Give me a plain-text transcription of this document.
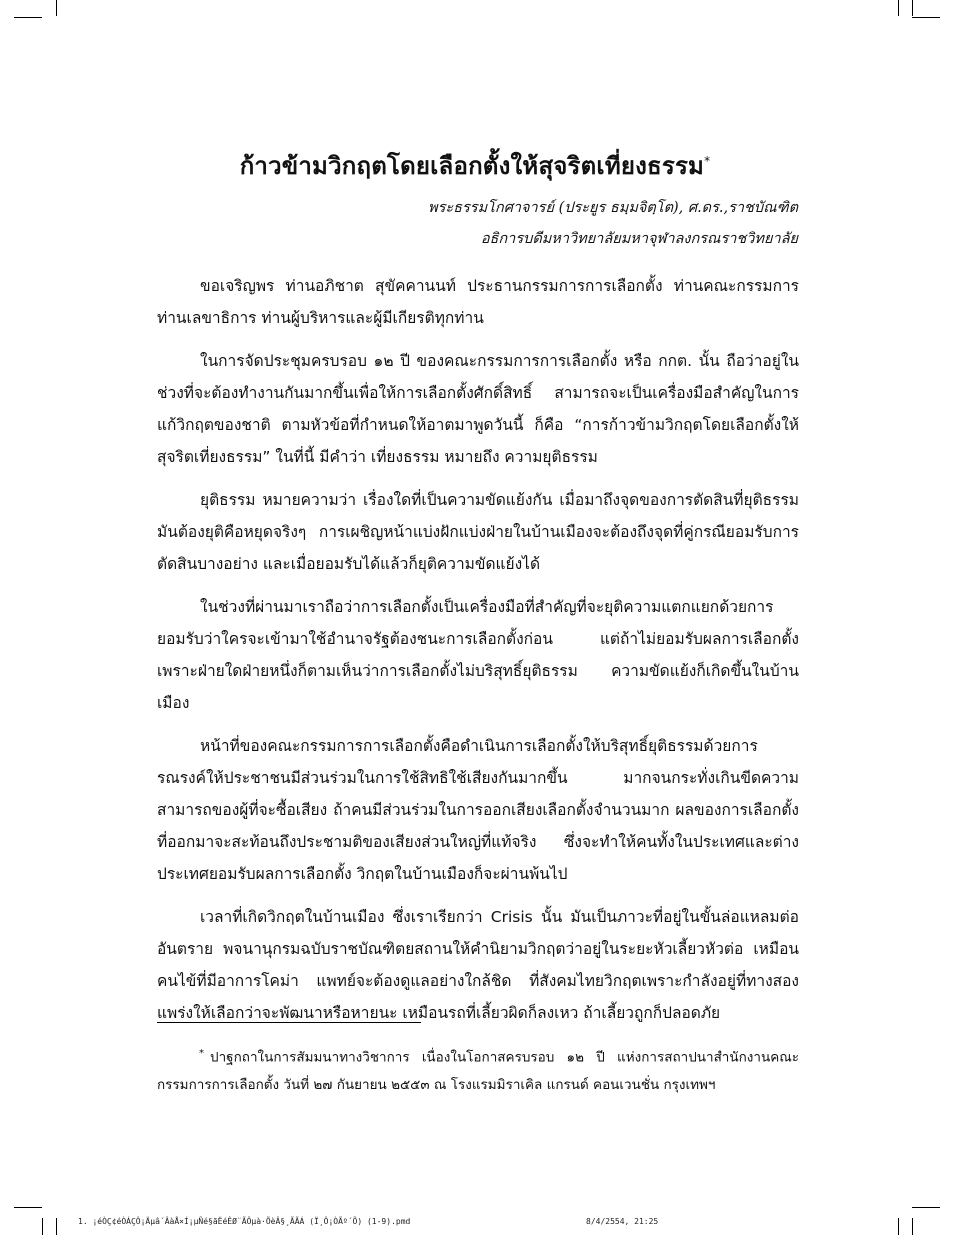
ก้าวข้ามวิกฤตโดยเลือกตั้งให้สุจริตเที่ยงธรรม*
พระธรรมโกศาจารย์ (ประยูร ธมฺมจิตฺโต), ศ.ดร.,ราชบัณฑิต
อธิการบดีมหาวิทยาลัยมหาจุฬาลงกรณราชวิทยาลัย

ขอเจริญพร ท่านอภิชาต สุขัคคานนท์ ประธานกรรมการการเลือกตั้ง ท่านคณะกรรมการ ท่านเลขาธิการ ท่านผู้บริหารและผู้มีเกียรติทุกท่าน

ในการจัดประชุมครบรอบ ๑๒ ปี ของคณะกรรมการการเลือกตั้ง หรือ กกต. นั้น ถือว่าอยู่ในช่วงที่จะต้องทำงานกันมากขึ้นเพื่อให้การเลือกตั้งศักดิ์สิทธิ์ สามารถจะเป็นเครื่องมือสำคัญในการแก้วิกฤตของชาติ ตามหัวข้อที่กำหนดให้อาตมาพูดวันนี้ ก็คือ “การก้าวข้ามวิกฤตโดยเลือกตั้งให้สุจริตเที่ยงธรรม” ในที่นี้ มีคำว่า เที่ยงธรรม หมายถึง ความยุติธรรม

ยุติธรรม หมายความว่า เรื่องใดที่เป็นความขัดแย้งกัน เมื่อมาถึงจุดของการตัดสินที่ยุติธรรม มันต้องยุติคือหยุดจริงๆ การเผชิญหน้าแบ่งฝักแบ่งฝ่ายในบ้านเมืองจะต้องถึงจุดที่คู่กรณียอมรับการตัดสินบางอย่าง และเมื่อยอมรับได้แล้วก็ยุติความขัดแย้งได้

ในช่วงที่ผ่านมาเราถือว่าการเลือกตั้งเป็นเครื่องมือที่สำคัญที่จะยุติความแตกแยกด้วยการยอมรับว่าใครจะเข้ามาใช้อำนาจรัฐต้องชนะการเลือกตั้งก่อน แต่ถ้าไม่ยอมรับผลการเลือกตั้ง เพราะฝ่ายใดฝ่ายหนึ่งก็ตามเห็นว่าการเลือกตั้งไม่บริสุทธิ์ยุติธรรม ความขัดแย้งก็เกิดขึ้นในบ้านเมือง

หน้าที่ของคณะกรรมการการเลือกตั้งคือดำเนินการเลือกตั้งให้บริสุทธิ์ยุติธรรมด้วยการรณรงค์ให้ประชาชนมีส่วนร่วมในการใช้สิทธิใช้เสียงกันมากขึ้น มากจนกระทั่งเกินขีดความสามารถของผู้ที่จะซื้อเสียง ถ้าคนมีส่วนร่วมในการออกเสียงเลือกตั้งจำนวนมาก ผลของการเลือกตั้งที่ออกมาจะสะท้อนถึงประชามติของเสียงส่วนใหญ่ที่แท้จริง ซึ่งจะทำให้คนทั้งในประเทศและต่างประเทศยอมรับผลการเลือกตั้ง วิกฤตในบ้านเมืองก็จะผ่านพ้นไป

เวลาที่เกิดวิกฤตในบ้านเมือง ซึ่งเราเรียกว่า Crisis นั้น มันเป็นภาวะที่อยู่ในขั้นล่อแหลมต่ออันตราย พจนานุกรมฉบับราชบัณฑิตยสถานให้คำนิยามวิกฤตว่าอยู่ในระยะหัวเลี้ยวหัวต่อ เหมือนคนไข้ที่มีอาการโคม่า แพทย์จะต้องดูแลอย่างใกล้ชิด ที่สังคมไทยวิกฤตเพราะกำลังอยู่ที่ทางสองแพร่งให้เลือกว่าจะพัฒนาหรือหายนะ เหมือนรถที่เลี้ยวผิดก็ลงเหว ถ้าเลี้ยวถูกก็ปลอดภัย

* ปาฐกถาในการสัมมนาทางวิชาการ เนื่องในโอกาสครบรอบ ๑๒ ปี แห่งการสถาปนาสำนักงานคณะกรรมการการเลือกตั้ง วันที่ ๒๗ กันยายน ๒๕๕๓ ณ โรงแรมมิราเคิล แกรนด์ คอนเวนชั่น กรุงเทพฯ

1. ¡éÒÇ¢éÒÁÇÔ¡Äµâ´ÂàÅ×Í¡µÑé§ãËéÊØ¨ÃÔµà·ÕèÂ§¸ÃÃÁ (Ï¸Ô¡ÒÃº´Õ) (1-9).pmd	8/4/2554, 21:25
